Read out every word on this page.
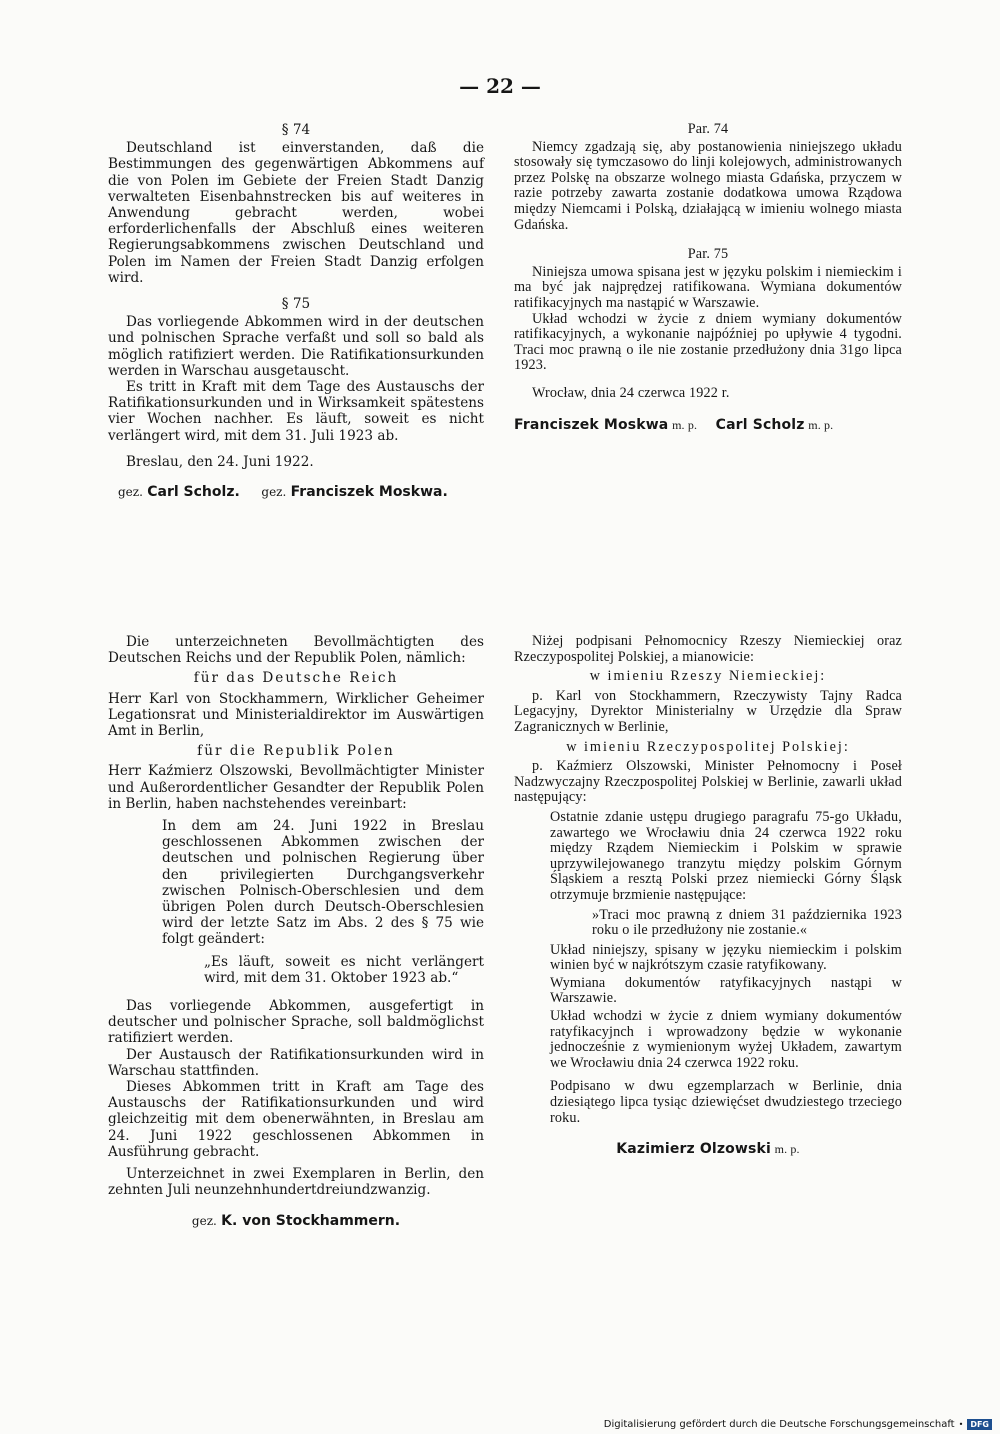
— 22 —
§ 74

Deutschland ist einverstanden, daß die Bestimmungen des gegenwärtigen Abkommens auf die von Polen im Gebiete der Freien Stadt Danzig verwalteten Eisenbahnstrecken bis auf weiteres in Anwendung gebracht werden, wobei erforderlichenfalls der Abschluß eines weiteren Regierungsabkommens zwischen Deutschland und Polen im Namen der Freien Stadt Danzig erfolgen wird.

§ 75

Das vorliegende Abkommen wird in der deutschen und polnischen Sprache verfaßt und soll so bald als möglich ratifiziert werden. Die Ratifikationsurkunden werden in Warschau ausgetauscht.

Es tritt in Kraft mit dem Tage des Austauschs der Ratifikationsurkunden und in Wirksamkeit spätestens vier Wochen nachher. Es läuft, soweit es nicht verlängert wird, mit dem 31. Juli 1923 ab.

Breslau, den 24. Juni 1922.

gez. Carl Scholz. gez. Franciszek Moskwa.
Par. 74

Niemcy zgadzają się, aby postanowienia niniejszego układu stosowały się tymczasowo do linji kolejowych, administrowanych przez Polskę na obszarze wolnego miasta Gdańska, przyczem w razie potrzeby zawarta zostanie dodatkowa umowa Rządowa między Niemcami i Polską, działającą w imieniu wolnego miasta Gdańska.

Par. 75

Niniejsza umowa spisana jest w języku polskim i niemieckim i ma być jak najprędzej ratifikowana. Wymiana dokumentów ratifikacyjnych ma nastąpić w Warszawie.

Układ wchodzi w życie z dniem wymiany dokumentów ratifikacyjnych, a wykonanie najpóźniej po upływie 4 tygodni. Traci moc prawną o ile nie zostanie przedłużony dnia 31go lipca 1923.

Wrocław, dnia 24 czerwca 1922 r.

Franciszek Moskwa m. p. Carl Scholz m. p.

Die unterzeichneten Bevollmächtigten des Deutschen Reichs und der Republik Polen, nämlich:

für das Deutsche Reich

Herr Karl von Stockhammern, Wirklicher Geheimer Legationsrat und Ministerialdirektor im Auswärtigen Amt in Berlin,

für die Republik Polen

Herr Kaźmierz Olszowski, Bevollmächtigter Minister und Außerordentlicher Gesandter der Republik Polen in Berlin, haben nachstehendes vereinbart:

In dem am 24. Juni 1922 in Breslau geschlossenen Abkommen zwischen der deutschen und polnischen Regierung über den privilegierten Durchgangsverkehr zwischen Polnisch-Oberschlesien und dem übrigen Polen durch Deutsch-Oberschlesien wird der letzte Satz im Abs. 2 des § 75 wie folgt geändert:

„Es läuft, soweit es nicht verlängert wird, mit dem 31. Oktober 1923 ab.“

Das vorliegende Abkommen, ausgefertigt in deutscher und polnischer Sprache, soll baldmöglichst ratifiziert werden.

Der Austausch der Ratifikationsurkunden wird in Warschau stattfinden.

Dieses Abkommen tritt in Kraft am Tage des Austauschs der Ratifikationsurkunden und wird gleichzeitig mit dem obenerwähnten, in Breslau am 24. Juni 1922 geschlossenen Abkommen in Ausführung gebracht.

Unterzeichnet in zwei Exemplaren in Berlin, den zehnten Juli neunzehnhundertdreiundzwanzig.

gez. K. von Stockhammern.

Niżej podpisani Pełnomocnicy Rzeszy Niemieckiej oraz Rzeczypospolitej Polskiej, a mianowicie:

w imieniu Rzeszy Niemieckiej:

p. Karl von Stockhammern, Rzeczywisty Tajny Radca Legacyjny, Dyrektor Ministerialny w Urzędzie dla Spraw Zagranicznych w Berlinie,

w imieniu Rzeczypospolitej Polskiej:

p. Kaźmierz Olszowski, Minister Pełnomocny i Poseł Nadzwyczajny Rzeczpospolitej Polskiej w Berlinie, zawarli układ następujący:

Ostatnie zdanie ustępu drugiego paragrafu 75-go Układu, zawartego we Wrocławiu dnia 24 czerwca 1922 roku między Rządem Niemieckim i Polskim w sprawie uprzywilejowanego tranzytu między polskim Górnym Śląskiem a resztą Polski przez niemiecki Górny Śląsk otrzymuje brzmienie następujące:

»Traci moc prawną z dniem 31 października 1923 roku o ile przedłużony nie zostanie.«

Układ niniejszy, spisany w języku niemieckim i polskim winien być w najkrótszym czasie ratyfikowany.

Wymiana dokumentów ratyfikacyjnych nastąpi w Warszawie.

Układ wchodzi w życie z dniem wymiany dokumentów ratyfikacyjnch i wprowadzony będzie w wykonanie jednocześnie z wymienionym wyżej Układem, zawartym we Wrocławiu dnia 24 czerwca 1922 roku.

Podpisano w dwu egzemplarzach w Berlinie, dnia dziesiątego lipca tysiąc dziewięćset dwudziestego trzeciego roku.

Kazimierz Olzowski m. p.
Digitalisierung gefördert durch die Deutsche Forschungsgemeinschaft • DFG
